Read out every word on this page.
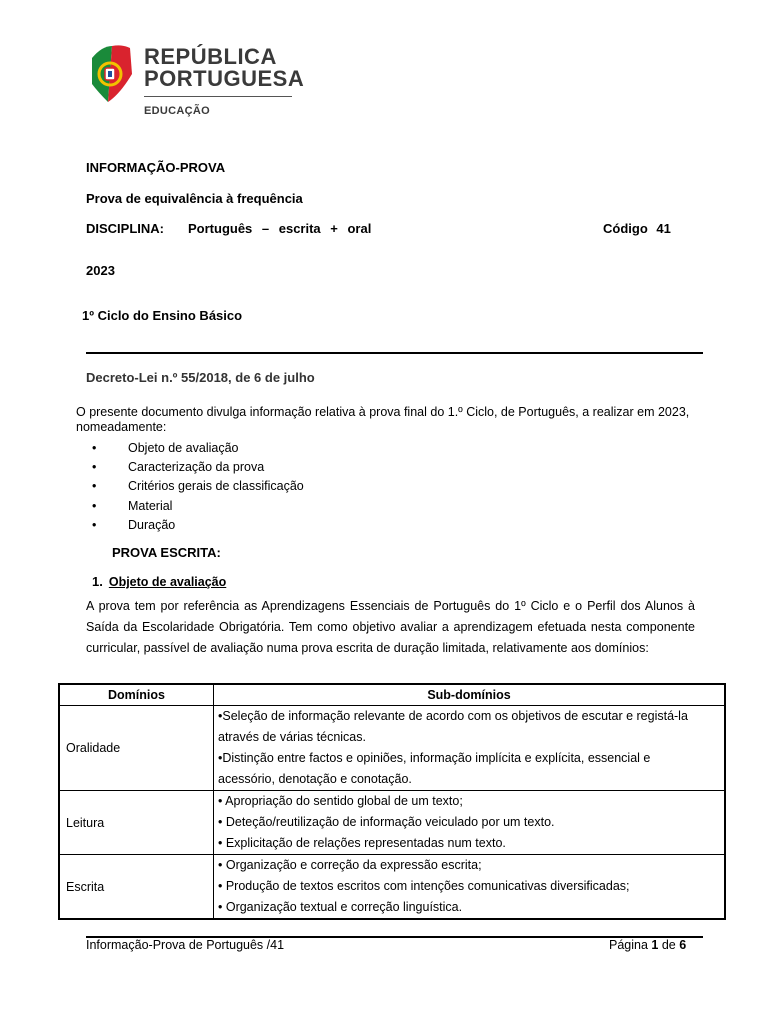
REPÚBLICA
PORTUGUESA
EDUCAÇÃO
INFORMAÇÃO-PROVA
Prova de equivalência à frequência
DISCIPLINA: Português – escrita + oral	Código 41
2023
1º Ciclo do Ensino Básico
Decreto-Lei n.º 55/2018, de 6 de julho
O presente documento divulga informação relativa à prova final do 1.º Ciclo, de Português, a realizar em 2023, nomeadamente:
•	Objeto de avaliação
•	Caracterização da prova
•	Critérios gerais de classificação
•	Material
•	Duração
PROVA ESCRITA:
1. Objeto de avaliação
A prova tem por referência as Aprendizagens Essenciais de Português do 1º Ciclo e o Perfil dos Alunos à Saída da Escolaridade Obrigatória. Tem como objetivo avaliar a aprendizagem efetuada nesta componente curricular, passível de avaliação numa prova escrita de duração limitada, relativamente aos domínios:
Domínios	Sub-domínios
Oralidade	•Seleção de informação relevante de acordo com os objetivos de escutar e registá-la
através de várias técnicas.
•Distinção entre factos e opiniões, informação implícita e explícita, essencial e
acessório, denotação e conotação.

Leitura	• Apropriação do sentido global de um texto;
• Deteção/reutilização de informação veiculado por um texto.
• Explicitação de relações representadas num texto.

Escrita	• Organização e correção da expressão escrita;
• Produção de textos escritos com intenções comunicativas diversificadas;
• Organização textual e correção linguística.
Informação-Prova de Português /41	Página 1 de 6
